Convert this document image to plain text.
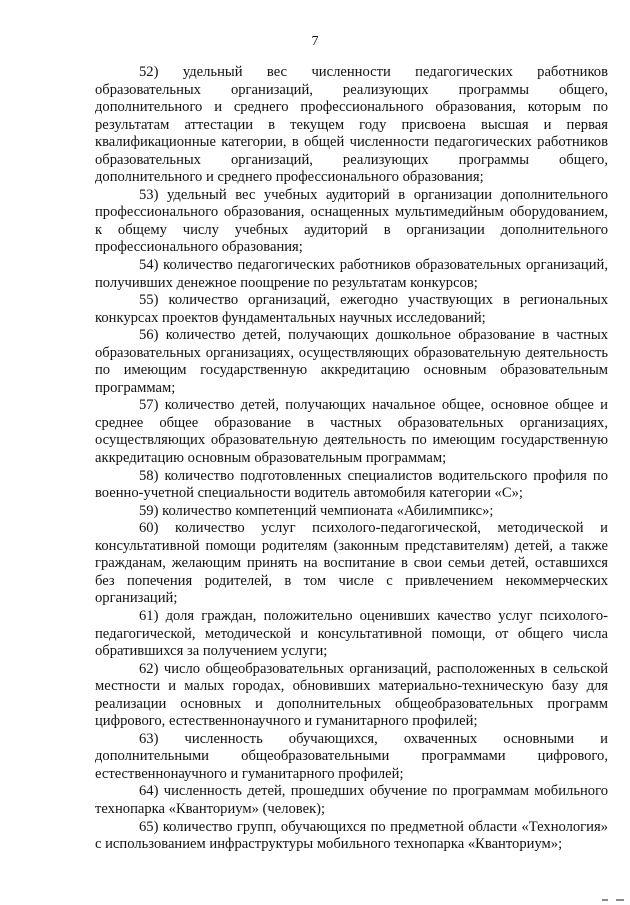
7

52) удельный вес численности педагогических работников образовательных организаций, реализующих программы общего, дополнительного и среднего профессионального образования, которым по результатам аттестации в текущем году присвоена высшая и первая квалификационные категории, в общей численности педагогических работников образовательных организаций, реализующих программы общего, дополнительного и среднего профессионального образования;

53) удельный вес учебных аудиторий в организации дополнительного профессионального образования, оснащенных мультимедийным оборудованием, к общему числу учебных аудиторий в организации дополнительного профессионального образования;

54) количество педагогических работников образовательных организаций, получивших денежное поощрение по результатам конкурсов;

55) количество организаций, ежегодно участвующих в региональных конкурсах проектов фундаментальных научных исследований;

56) количество детей, получающих дошкольное образование в частных образовательных организациях, осуществляющих образовательную деятельность по имеющим государственную аккредитацию основным образовательным программам;

57) количество детей, получающих начальное общее, основное общее и среднее общее образование в частных образовательных организациях, осуществляющих образовательную деятельность по имеющим государственную аккредитацию основным образовательным программам;

58) количество подготовленных специалистов водительского профиля по военно-учетной специальности водитель автомобиля категории «С»;

59) количество компетенций чемпионата «Абилимпикс»;

60) количество услуг психолого-педагогической, методической и консультативной помощи родителям (законным представителям) детей, а также гражданам, желающим принять на воспитание в свои семьи детей, оставшихся без попечения родителей, в том числе с привлечением некоммерческих организаций;

61) доля граждан, положительно оценивших качество услуг психолого-педагогической, методической и консультативной помощи, от общего числа обратившихся за получением услуги;

62) число общеобразовательных организаций, расположенных в сельской местности и малых городах, обновивших материально-техническую базу для реализации основных и дополнительных общеобразовательных программ цифрового, естественнонаучного и гуманитарного профилей;

63) численность обучающихся, охваченных основными и дополнительными общеобразовательными программами цифрового, естественнонаучного и гуманитарного профилей;

64) численность детей, прошедших обучение по программам мобильного технопарка «Кванториум» (человек);

65) количество групп, обучающихся по предметной области «Технология» с использованием инфраструктуры мобильного технопарка «Кванториум»;
